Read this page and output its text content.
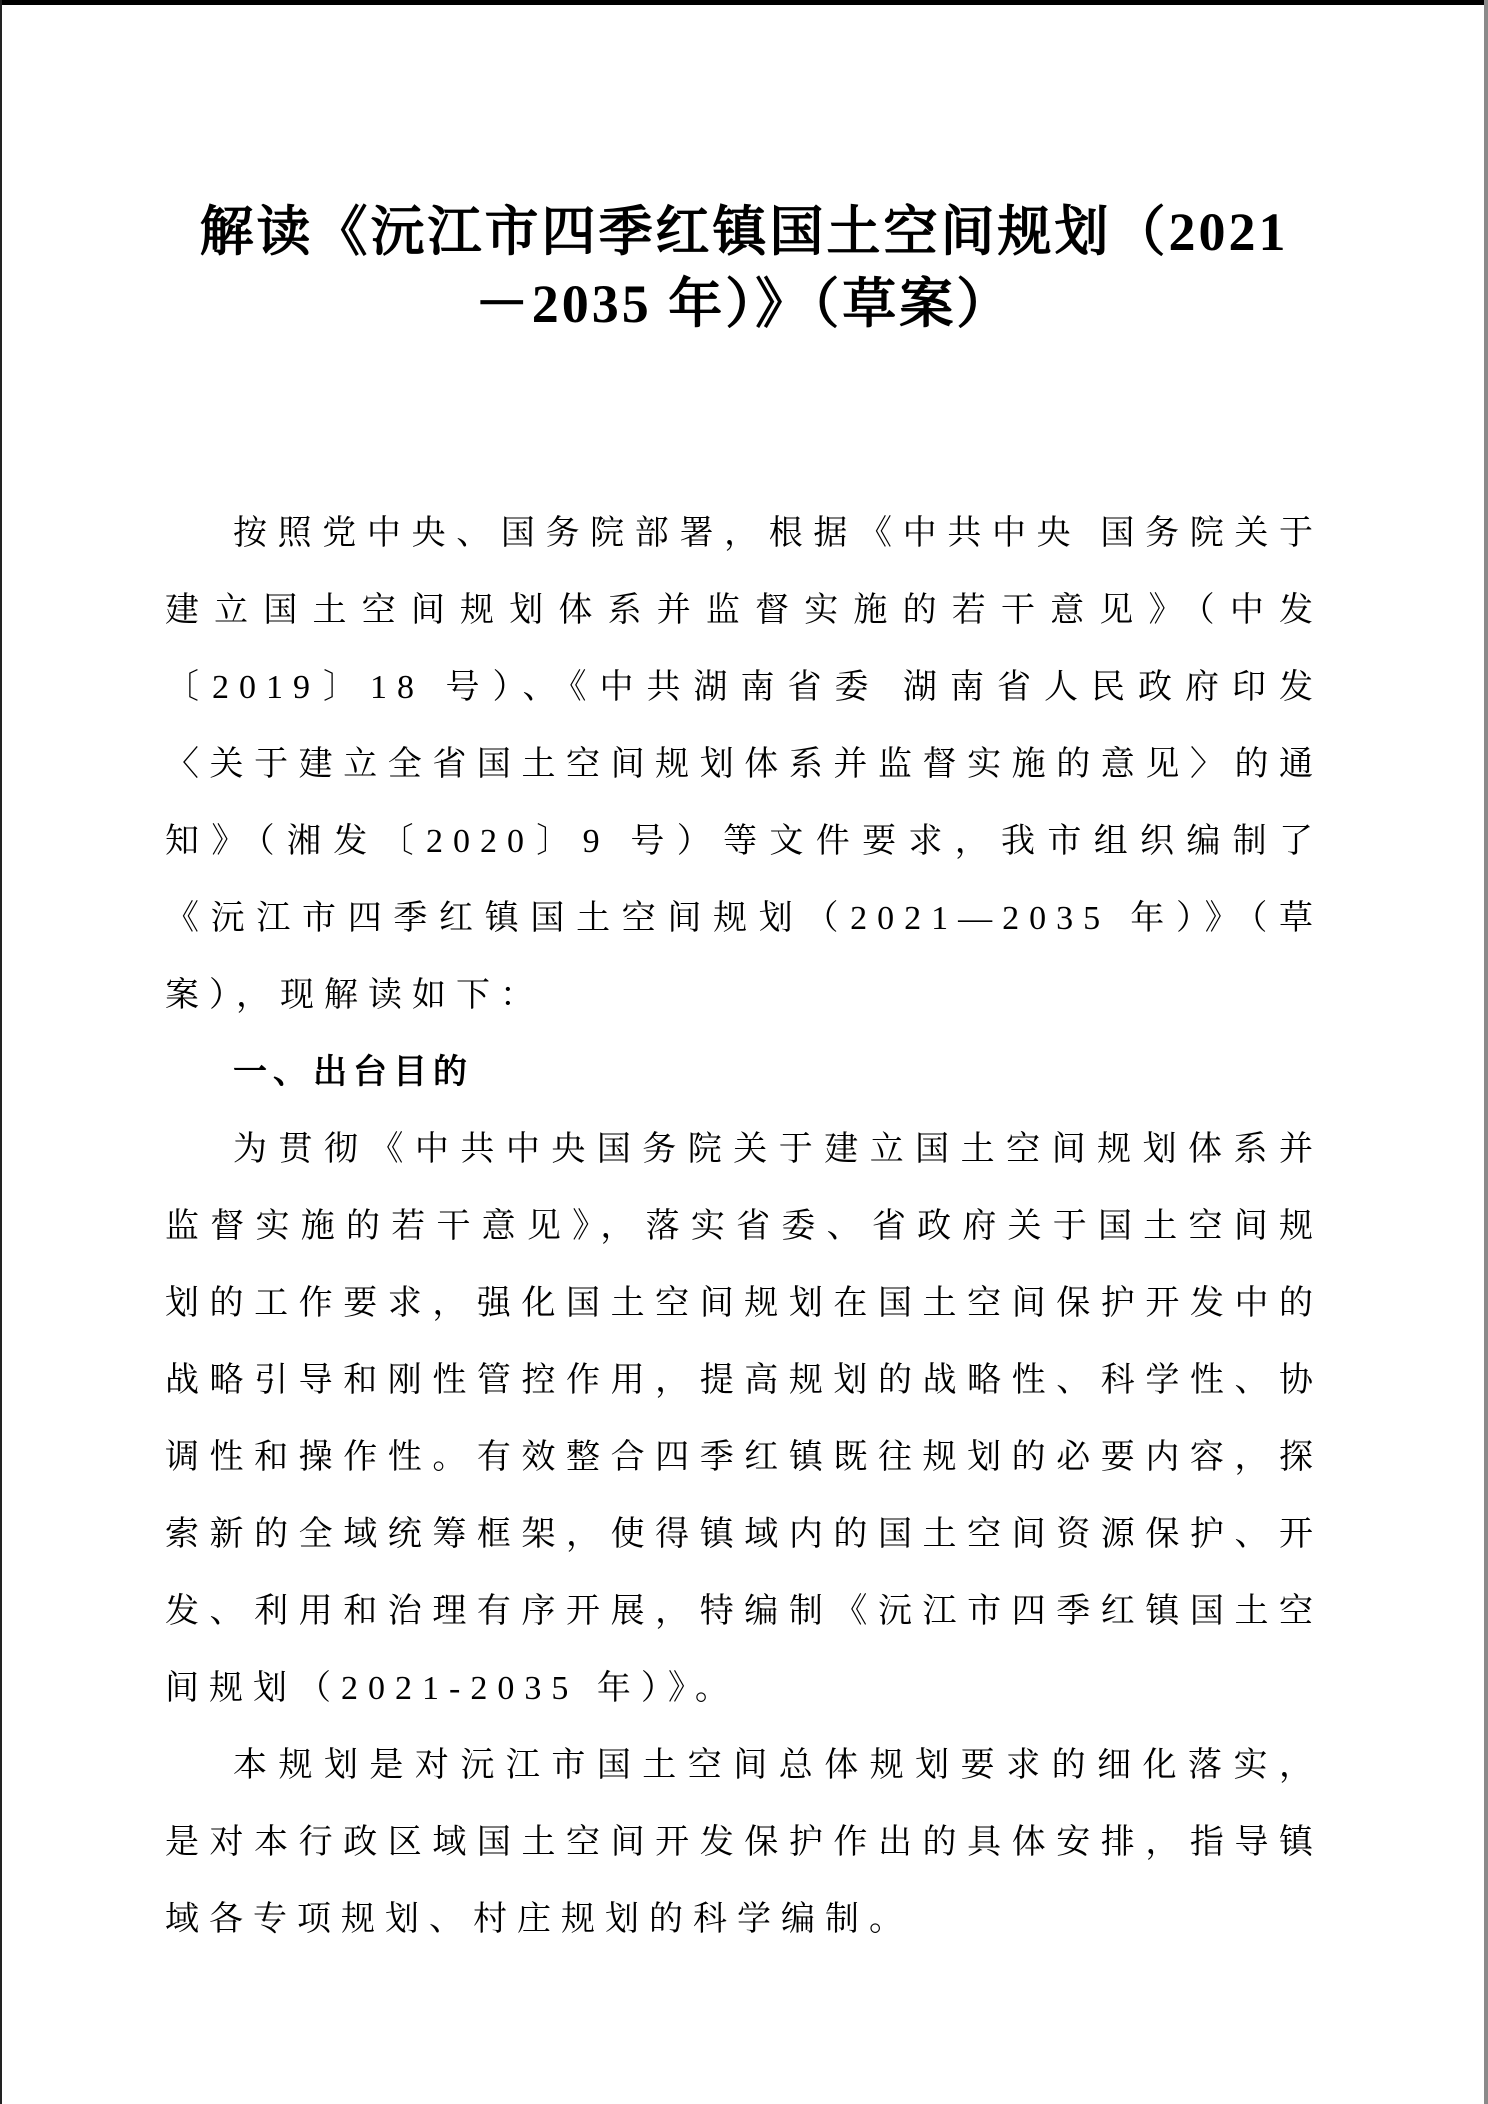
解读《沅江市四季红镇国土空间规划（2021
－2035 年）》（草案）

按照党中央、国务院部署，根据《中共中央 国务院关于建立国土空间规划体系并监督实施的若干意见》（中发〔2019〕18 号）、《中共湖南省委 湖南省人民政府印发〈关于建立全省国土空间规划体系并监督实施的意见〉的通知》（湘发〔2020〕9 号）等文件要求，我市组织编制了《沅江市四季红镇国土空间规划（2021—2035 年）》（草案），现解读如下：

一、出台目的

为贯彻《中共中央国务院关于建立国土空间规划体系并监督实施的若干意见》，落实省委、省政府关于国土空间规划的工作要求，强化国土空间规划在国土空间保护开发中的战略引导和刚性管控作用，提高规划的战略性、科学性、协调性和操作性。有效整合四季红镇既往规划的必要内容，探索新的全域统筹框架，使得镇域内的国土空间资源保护、开发、利用和治理有序开展，特编制《沅江市四季红镇国土空间规划（2021-2035 年）》。

本规划是对沅江市国土空间总体规划要求的细化落实，是对本行政区域国土空间开发保护作出的具体安排，指导镇域各专项规划、村庄规划的科学编制。
